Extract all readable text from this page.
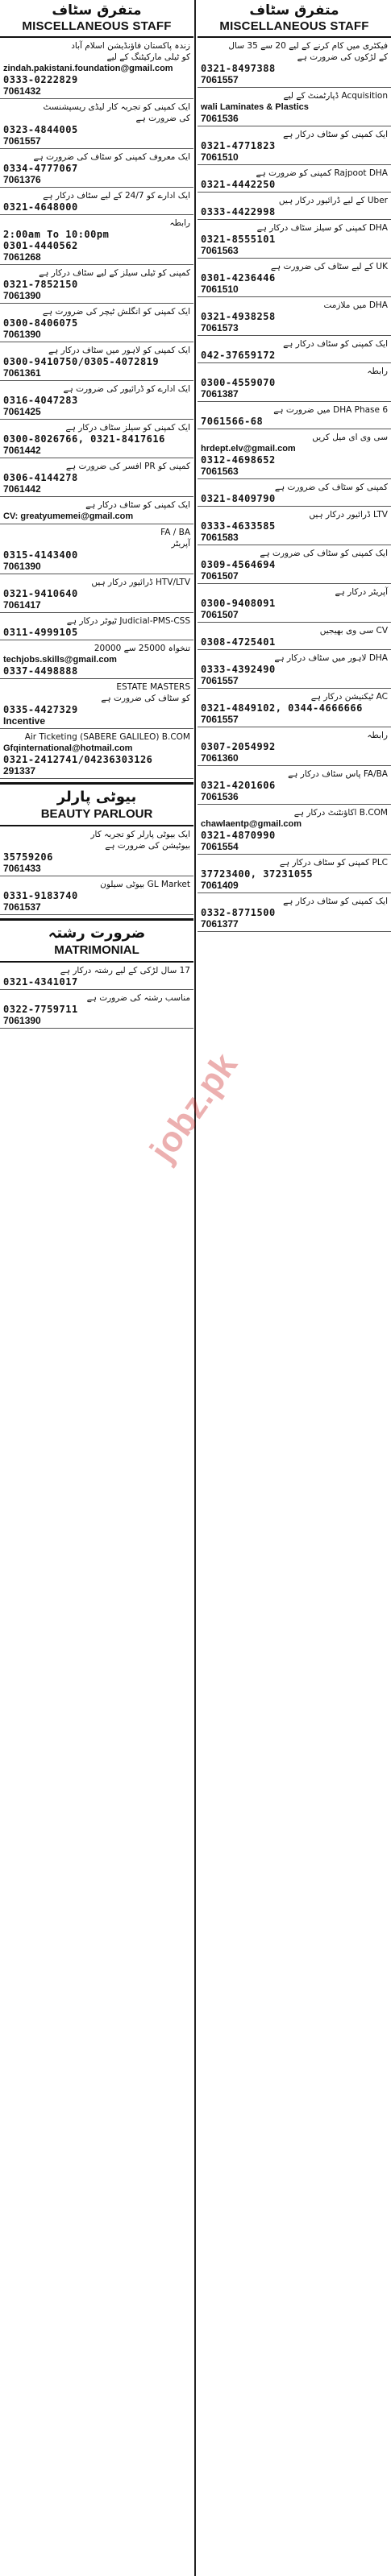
متفرق سٹاف
MISCELLANEOUS STAFF
زندہ پاکستان فاؤنڈیشن اسلام آباد
کو ٹیلی مارکیٹنگ کے لیے
zindah.pakistani.foundation@gmail.com
0333-0222829
7061432
ایک کمپنی کو تجربہ کار لیڈی ریسپشنسٹ
کی ضرورت ہے
0323-4844005
7061557
ایک معروف کمپنی کو سٹاف کی ضرورت ہے
0334-4777067
7061376
ایک ادارے کو 24/7 کے لیے سٹاف درکار ہے
0321-4648000
رابطہ
2:00am To 10:00pm
0301-4440562
7061268
کمپنی کو ٹیلی سیلز کے لیے سٹاف درکار ہے
0321-7852150
7061390
ایک کمپنی کو انگلش ٹیچر کی ضرورت ہے
0300-8406075
7061390
ایک کمپنی کو لاہور میں سٹاف درکار ہے
0300-9410750/0305-4072819
7061361
ایک ادارے کو ڈرائیور کی ضرورت ہے
0316-4047283
7061425
ایک کمپنی کو سیلز سٹاف درکار ہے
0300-8026766, 0321-8417616
7061442
کمپنی کو PR افسر کی ضرورت ہے
0306-4144278
7061442
ایک کمپنی کو سٹاف درکار ہے
CV: greatyumemei@gmail.com
FA / BA
آپریٹر
0315-4143400
7061390
HTV/LTV ڈرائیور درکار ہیں
0321-9410640
7061417
Judicial-PMS-CSS ٹیوٹر درکار ہے
0311-4999105
تنخواہ 25000 سے 20000
techjobs.skills@gmail.com
0337-4498888
ESTATE MASTERS
کو سٹاف کی ضرورت ہے
0335-4427329
Incentive
Air Ticketing (SABERE GALILEO) B.COM
Gfqinternational@hotmail.com
0321-2412741/04236303126
291337
بیوٹی پارلر
BEAUTY PARLOUR
ایک بیوٹی پارلر کو تجربہ کار
بیوٹیشن کی ضرورت ہے
35759206
7061433
GL Market بیوٹی سیلون
0331-9183740
7061537
ضرورت رشتہ
MATRIMONIAL
17 سال لڑکی کے لیے رشتہ درکار ہے
0321-4341017
مناسب رشتہ کی ضرورت ہے
0322-7759711
7061390
متفرق سٹاف
MISCELLANEOUS STAFF
فیکٹری میں کام کرنے کے لیے 20 سے 35 سال
کے لڑکوں کی ضرورت ہے
0321-8497388
7061557
Acquisition ڈپارٹمنٹ کے لیے
wali Laminates & Plastics
7061536
ایک کمپنی کو سٹاف درکار ہے
0321-4771823
7061510
Rajpoot DHA کمپنی کو ضرورت ہے
0321-4442250
Uber کے لیے ڈرائیور درکار ہیں
0333-4422998
DHA کمپنی کو سیلز سٹاف درکار ہے
0321-8555101
7061563
UK کے لیے سٹاف کی ضرورت ہے
0301-4236446
7061510
DHA میں ملازمت
0321-4938258
7061573
ایک کمپنی کو سٹاف درکار ہے
042-37659172
رابطہ
0300-4559070
7061387
DHA Phase 6 میں ضرورت ہے
7061566-68
سی وی ای میل کریں
hrdept.elv@gmail.com
0312-4698652
7061563
کمپنی کو سٹاف کی ضرورت ہے
0321-8409790
LTV ڈرائیور درکار ہیں
0333-4633585
7061583
ایک کمپنی کو سٹاف کی ضرورت ہے
0309-4564694
7061507
آپریٹر درکار ہے
0300-9408091
7061507
CV سی وی بھیجیں
0308-4725401
DHA لاہور میں سٹاف درکار ہے
0333-4392490
7061557
AC ٹیکنیشن درکار ہے
0321-4849102, 0344-4666666
7061557
رابطہ
0307-2054992
7061360
FA/BA پاس سٹاف درکار ہے
0321-4201606
7061536
B.COM اکاؤنٹنٹ درکار ہے
chawlaentp@gmail.com
0321-4870990
7061554
PLC کمپنی کو سٹاف درکار ہے
37723400, 37231055
7061409
ایک کمپنی کو سٹاف درکار ہے
0332-8771500
7061377
jobz.pk
